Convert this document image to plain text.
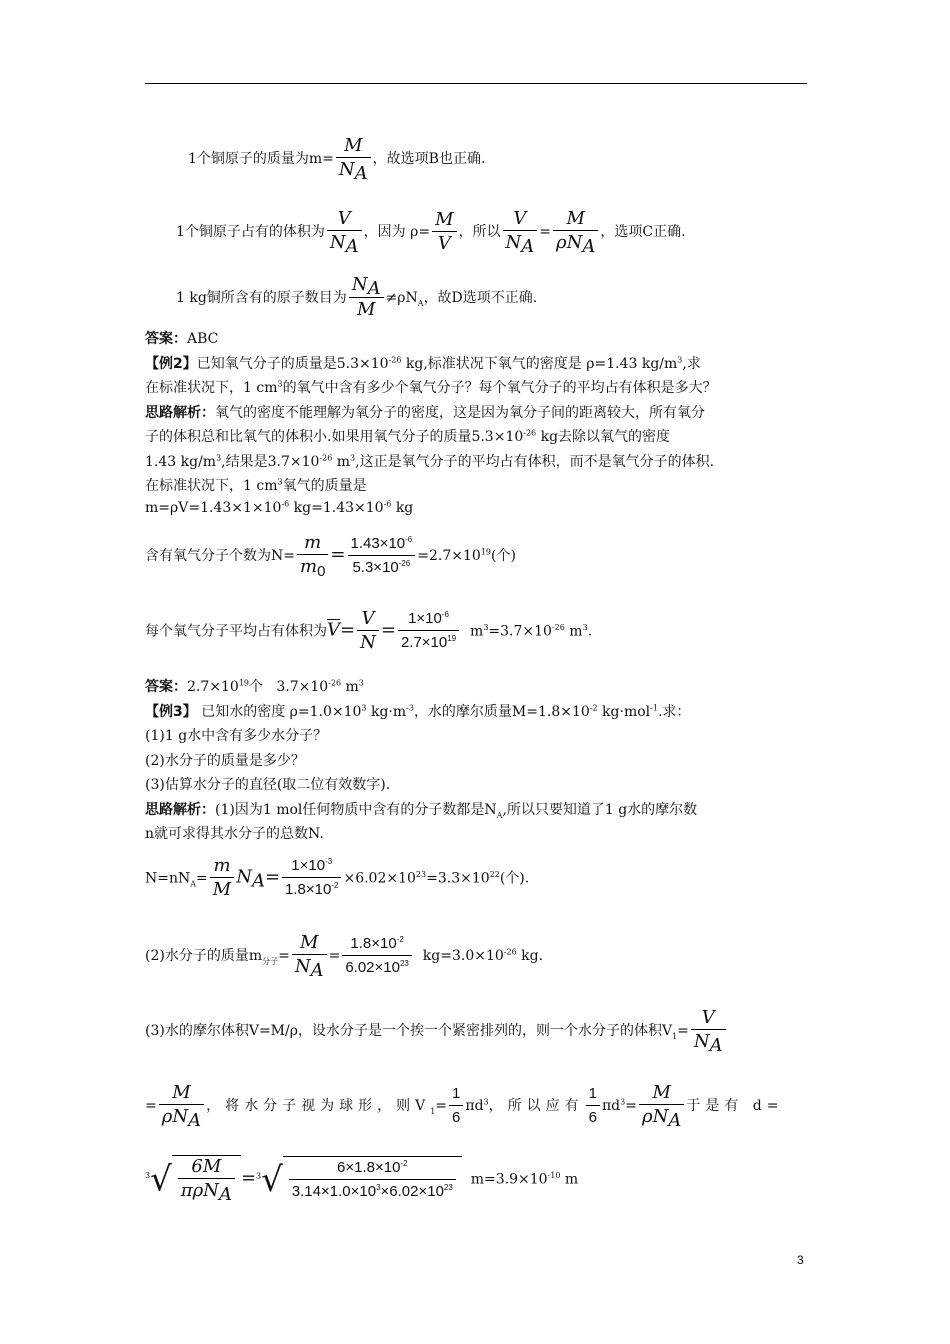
1个铜原子的质量为$m= \frac{M}{N_A}$ ，故选项B也正确.
1个铜原子占有的体积为 $\frac{V}{N_A}$ ，因为 $\rho= \frac{M}{V}$ ，所以 $\frac{V}{N_A} = \frac{M}{\rho N_A}$ ，选项C正确.
1 kg铜所含有的原子数目为 $\frac{N_A}{M} \ne\rho N_A$，故D选项不正确.
答案：ABC
【例2】已知氧气分子的质量是$5.3\times 10^{-26}$ kg,标准状况下氧气的密度是 ρ=1.43 $kg/m^3$,求
在标准状况下，1 $cm^3$的氧气中含有多少个氧气分子？每个氧气分子的平均占有体积是多大？
思路解析：氧气的密度不能理解为氧分子的密度，这是因为氧分子间的距离较大，所有氧分
子的体积总和比氧气的体积小.如果用氧气分子的质量$5.3\times 10^{-26}$ kg去除以氧气的密度
1.43 $kg/m^3$,结果是$3.7\times 10^{-26}$ $m^3$,这正是氧气分子的平均占有体积，而不是氧气分子的体积.
在标准状况下，1 $cm^3$氧气的质量是
$m=\rho V=1.43\times 1\times 10^{-6}$ $kg=1.43\times 10^{-6}$ kg
含有氧气分子个数为$N= \frac{m}{m_0} = \frac{1.43\times 10^{-6}}{5.3\times 10^{-26}} =2.7\times 10^{19}$(个)
每个氧气分子平均占有体积为$\overline{V}= \frac{V}{N} = \frac{1\times 10^{-6}}{2.7\times 10^{19}} m^3=3.7\times 10^{-26}$ $m^3$.
答案：$2.7\times 10^{19}$个   $3.7\times 10^{-26}$ $m^3$
【例3】 已知水的密度 $\rho=1.0\times 10^3$ $kg\cdot m^{-3}$，水的摩尔质量$M=1.8\times 10^{-2}$ kg·mol$^{-1}$.求：
(1)1 g水中含有多少水分子？
(2)水分子的质量是多少？
(3)估算水分子的直径(取二位有效数字).
思路解析：(1)因为1 mol任何物质中含有的分子数都是$N_A$,所以只要知道了1 g水的摩尔数
n就可求得其水分子的总数N.
$N=nN_A= \frac{m}{M} N_A= \frac{1\times 10^{-3}}{1.8\times 10^{-2}} \times 6.02\times 10^{23}=3.3\times 10^{22}$(个).
(2)水分子的质量$m_{分子}= \frac{M}{N_A} = \frac{1.8\times 10^{-2}}{6.02\times 10^{23}} kg=3.0\times 10^{-26}$ kg.
(3)水的摩尔体积V=M/ρ，设水分子是一个挨一个紧密排列的，则一个水分子的体积$V_1= \frac{V}{N_A}$
= $\frac{M}{\rho N_A}$ ，将水分子视为球形，则$V_1= \frac{1}{6} \pi d^3$，所以应有 $\frac{1}{6} \pi d^3= \frac{M}{\rho N_A}$ 于是有 d=
$^3√ \frac{6M}{\pi\rho N_A} =^3√ \frac{6\times 1.8\times 10^{-2}}{3.14\times 1.0\times 10^3\times 6.02\times 10^{23}} m=3.9\times 10^{-10}$ m
3
